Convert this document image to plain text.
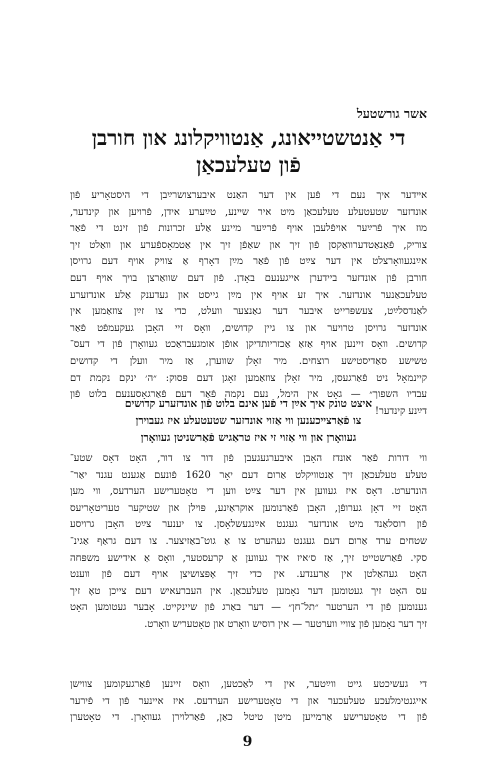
אשר גורשטעל
די אַנטשטייאונג, אַנטוויקלונג און חורבן
פֿון טעלעכאַן
אײדער איך נעם די פֿען אין דער האַנט איבערצושרײַבן די היסטאָריע פֿון
אונדזער שטעטעלע טעלעכאַן מיט איר שײנע, טײַערע אידן, פֿרויען און קינדער,
מוז איך פֿרײַער אויפֿלעבן אויף פֿרײַער מיינע אַלע זכרונות פֿון זינט די פֿאַר
צוריק, פֿאַנאַטדערוואַקסן פֿון זיך און שאַפֿן זיך אין אַטמאָספֿערע און וואַלט זיך
אײַנגעוואָרצלט אין דער צײַט פֿון פֿאַר מײַן דאָרף אַ צוויק אויף דעם גרויסן
חורבן פֿון אונדזער ביידערן אייגענעם באָדן. פֿון דעם שוואַרצן בויך אויף דעם
טעלעכאַנער אונדזער. איך זע אויף אין מײַן גייסט און געדענק אַלע אונדזערע
לאַנדסלײַט, צעשפּרייט איבער דער גאַנצער וועלט, כדי צו זײַן צוזאַמען אין
אונדזער גרויסן טרויער און צו גיין קדושים, וואָס זיי האָבן געקעמפֿט פֿאַר
קדושים. וואָס זיינען אויף אַזאַ אַכזריותדיקן אופֿן אומגעבראַכט געוואָרן פֿון די דעס־
טשישע סאַדיסטישע רוצחים. מיר זאָלן שווערן, אַז מיר וועלן די קדושים
קיינמאָל ניט פֿאַרגעסן, מיר זאָלן צוזאַמען זאָגן דעם פּסוק: ״ה׳ ינקם נקמת דם
עבדיו השפוך״ — גאָט אין הימל, נעם נקמה פֿאַר דעם פֿאַרגאָסענעם בלוט פֿון
דײַנע קינדער!
איצט טונק איך אײַן די פֿען אינם בלוט פֿון אונדזערע קדושים
צו פֿאַרצייכענען ווי אַזוי אונדזער שטעטעלע איז געבוירן
געוואָרן און ווי אַזוי זי איז טראַגיש פֿאַרשניטן געוואָרן
ווי דורות פֿאַר אונדז האָבן איבערגעגעבן פֿון דור צו דור, האָט דאָס שטע־
טעלע טעלעכאַן זיך אַנטוויקלט אַרום דעם יאָר 1620 פֿונעם אַגענט עגנד יאַר־
הונדערט. דאָס איז געווען אין דער צײַט ווען די טאָטערישע הערדעס, ווי מען
האָט זיי דאָן גערופֿן, האָבן פֿאַרנומען אוקראַיִנע, פּוילן און שטיקער טעריטאָריעס
פֿון רוסלאַנד מיט אונדזער געגנט אײַנגעשלאָסן. צו יענער צײַט האָבן גרויסע
שטחים ערד אַרום דעם געגנט געהערט צו אַ גוט־באַזיצער. צו דעם גראַף אַגינ־
סקי. פֿאַרשטייט זיך, אַז ס׳איז איך געווען אַ קרעסטער, וואָס אַ אידישע משפּחה
האָט געהאַלטן אין אַרענדע. אין כדי זיך אָפּצושיצן אויף דעם פֿון ווענט
עס האָט זיך געטומען דער נאָמען טעלעכאַן. אין העברעאיש דעם צייכן טאָ זיך
גענומען פֿון די הערטער ״תל־חן״ — דער באַרג פֿון שיינקייט. אָבער געטומען האָט
זיך דער נאָמען פֿון צוויי ווערטער — אין רוסיש וואָרט און טאָטעריש וואָרט.
די געשיכטע גייט ווײַטער, אין די לאַכטען, וואָס זיינען פֿאַרגעקומען צווישן
אייגנטימלעכע טעלעכער און די טאָטערישע הערדעס. איז איינער פֿון די פֿירער
פֿון די טאָטערישע אַרמייען מיטן טיטל כאַן, פֿאַרלוירן געוואָרן. די טאָטערן
9
